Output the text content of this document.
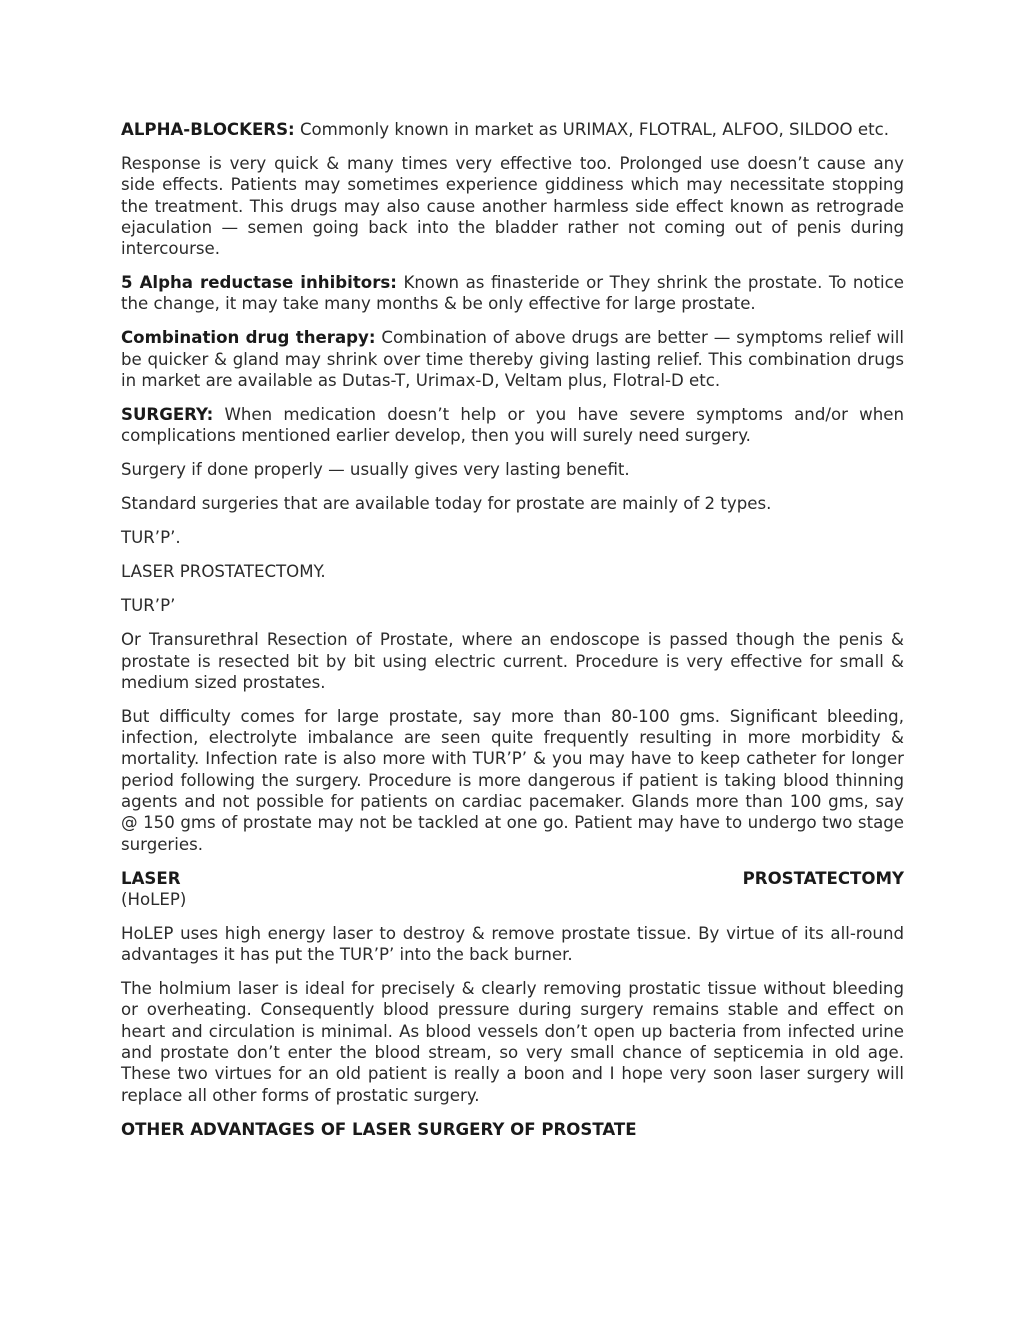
ALPHA-BLOCKERS: Commonly known in market as URIMAX, FLOTRAL, ALFOO, SILDOO etc.

Response is very quick & many times very effective too. Prolonged use doesn’t cause any side effects. Patients may sometimes experience giddiness which may necessitate stopping the treatment. This drugs may also cause another harmless side effect known as retrograde ejaculation — semen going back into the bladder rather not coming out of penis during intercourse.

5 Alpha reductase inhibitors: Known as finasteride or They shrink the prostate. To notice the change, it may take many months & be only effective for large prostate.

Combination drug therapy: Combination of above drugs are better — symptoms relief will be quicker & gland may shrink over time thereby giving lasting relief. This combination drugs in market are available as Dutas-T, Urimax-D, Veltam plus, Flotral-D etc.

SURGERY: When medication doesn’t help or you have severe symptoms and/or when complications mentioned earlier develop, then you will surely need surgery.

Surgery if done properly — usually gives very lasting benefit.

Standard surgeries that are available today for prostate are mainly of 2 types.

TUR’P’.

LASER PROSTATECTOMY.

TUR’P’

Or Transurethral Resection of Prostate, where an endoscope is passed though the penis & prostate is resected bit by bit using electric current. Procedure is very effective for small & medium sized prostates.

But difficulty comes for large prostate, say more than 80-100 gms. Significant bleeding, infection, electrolyte imbalance are seen quite frequently resulting in more morbidity & mortality. Infection rate is also more with TUR’P’ & you may have to keep catheter for longer period following the surgery. Procedure is more dangerous if patient is taking blood thinning agents and not possible for patients on cardiac pacemaker. Glands more than 100 gms, say @ 150 gms of prostate may not be tackled at one go. Patient may have to undergo two stage surgeries.

LASER	PROSTATECTOMY

(HoLEP)

HoLEP uses high energy laser to destroy & remove prostate tissue. By virtue of its all-round advantages it has put the TUR’P’ into the back burner.

The holmium laser is ideal for precisely & clearly removing prostatic tissue without bleeding or overheating. Consequently blood pressure during surgery remains stable and effect on heart and circulation is minimal. As blood vessels don’t open up bacteria from infected urine and prostate don’t enter the blood stream, so very small chance of septicemia in old age. These two virtues for an old patient is really a boon and I hope very soon laser surgery will replace all other forms of prostatic surgery.

OTHER ADVANTAGES OF LASER SURGERY OF PROSTATE
